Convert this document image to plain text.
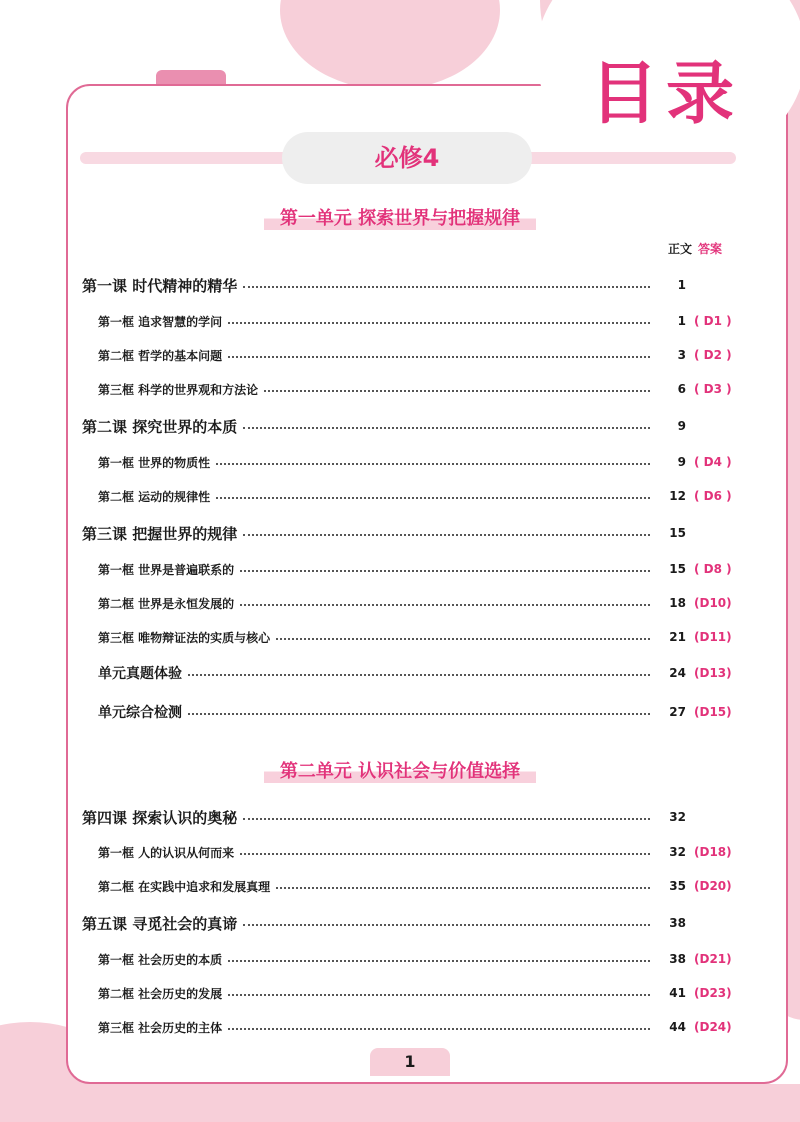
目录
必修4
第一单元 探索世界与把握规律
正文 答案
第一课 时代精神的精华	1
第一框 追求智慧的学问	1 ( D1 )
第二框 哲学的基本问题	3 ( D2 )
第三框 科学的世界观和方法论	6 ( D3 )
第二课 探究世界的本质	9
第一框 世界的物质性	9 ( D4 )
第二框 运动的规律性	12 ( D6 )
第三课 把握世界的规律	15
第一框 世界是普遍联系的	15 ( D8 )
第二框 世界是永恒发展的	18 (D10)
第三框 唯物辩证法的实质与核心	21 (D11)
单元真题体验	24 (D13)
单元综合检测	27 (D15)
第二单元 认识社会与价值选择
第四课 探索认识的奥秘	32
第一框 人的认识从何而来	32 (D18)
第二框 在实践中追求和发展真理	35 (D20)
第五课 寻觅社会的真谛	38
第一框 社会历史的本质	38 (D21)
第二框 社会历史的发展	41 (D23)
第三框 社会历史的主体	44 (D24)
1
